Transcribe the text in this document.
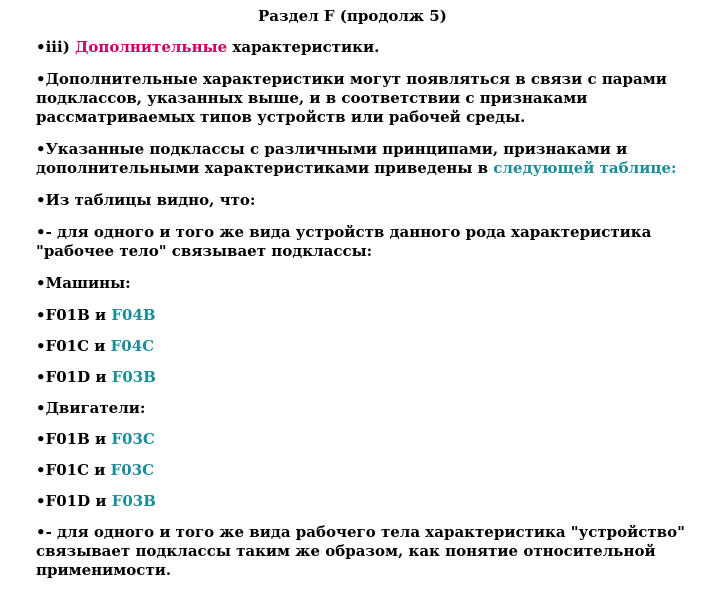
Раздел F (продолж 5)
•iii) Дополнительные характеристики.
•Дополнительные характеристики могут появляться в связи с парами подклассов, указанных выше, и в соответствии с признаками рассматриваемых типов устройств или рабочей среды.
•Указанные подклассы с различными принципами, признаками и дополнительными характеристиками приведены в следующей таблице:
•Из таблицы видно, что:
•- для одного и того же вида устройств данного рода характеристика "рабочее тело" связывает подклассы:
•Машины:
•F01B и F04B
•F01C и F04C
•F01D и F03B
•Двигатели:
•F01B и F03C
•F01C и F03C
•F01D и F03B
•- для одного и того же вида рабочего тела характеристика "устройство" связывает подклассы таким же образом, как понятие относительной применимости.
